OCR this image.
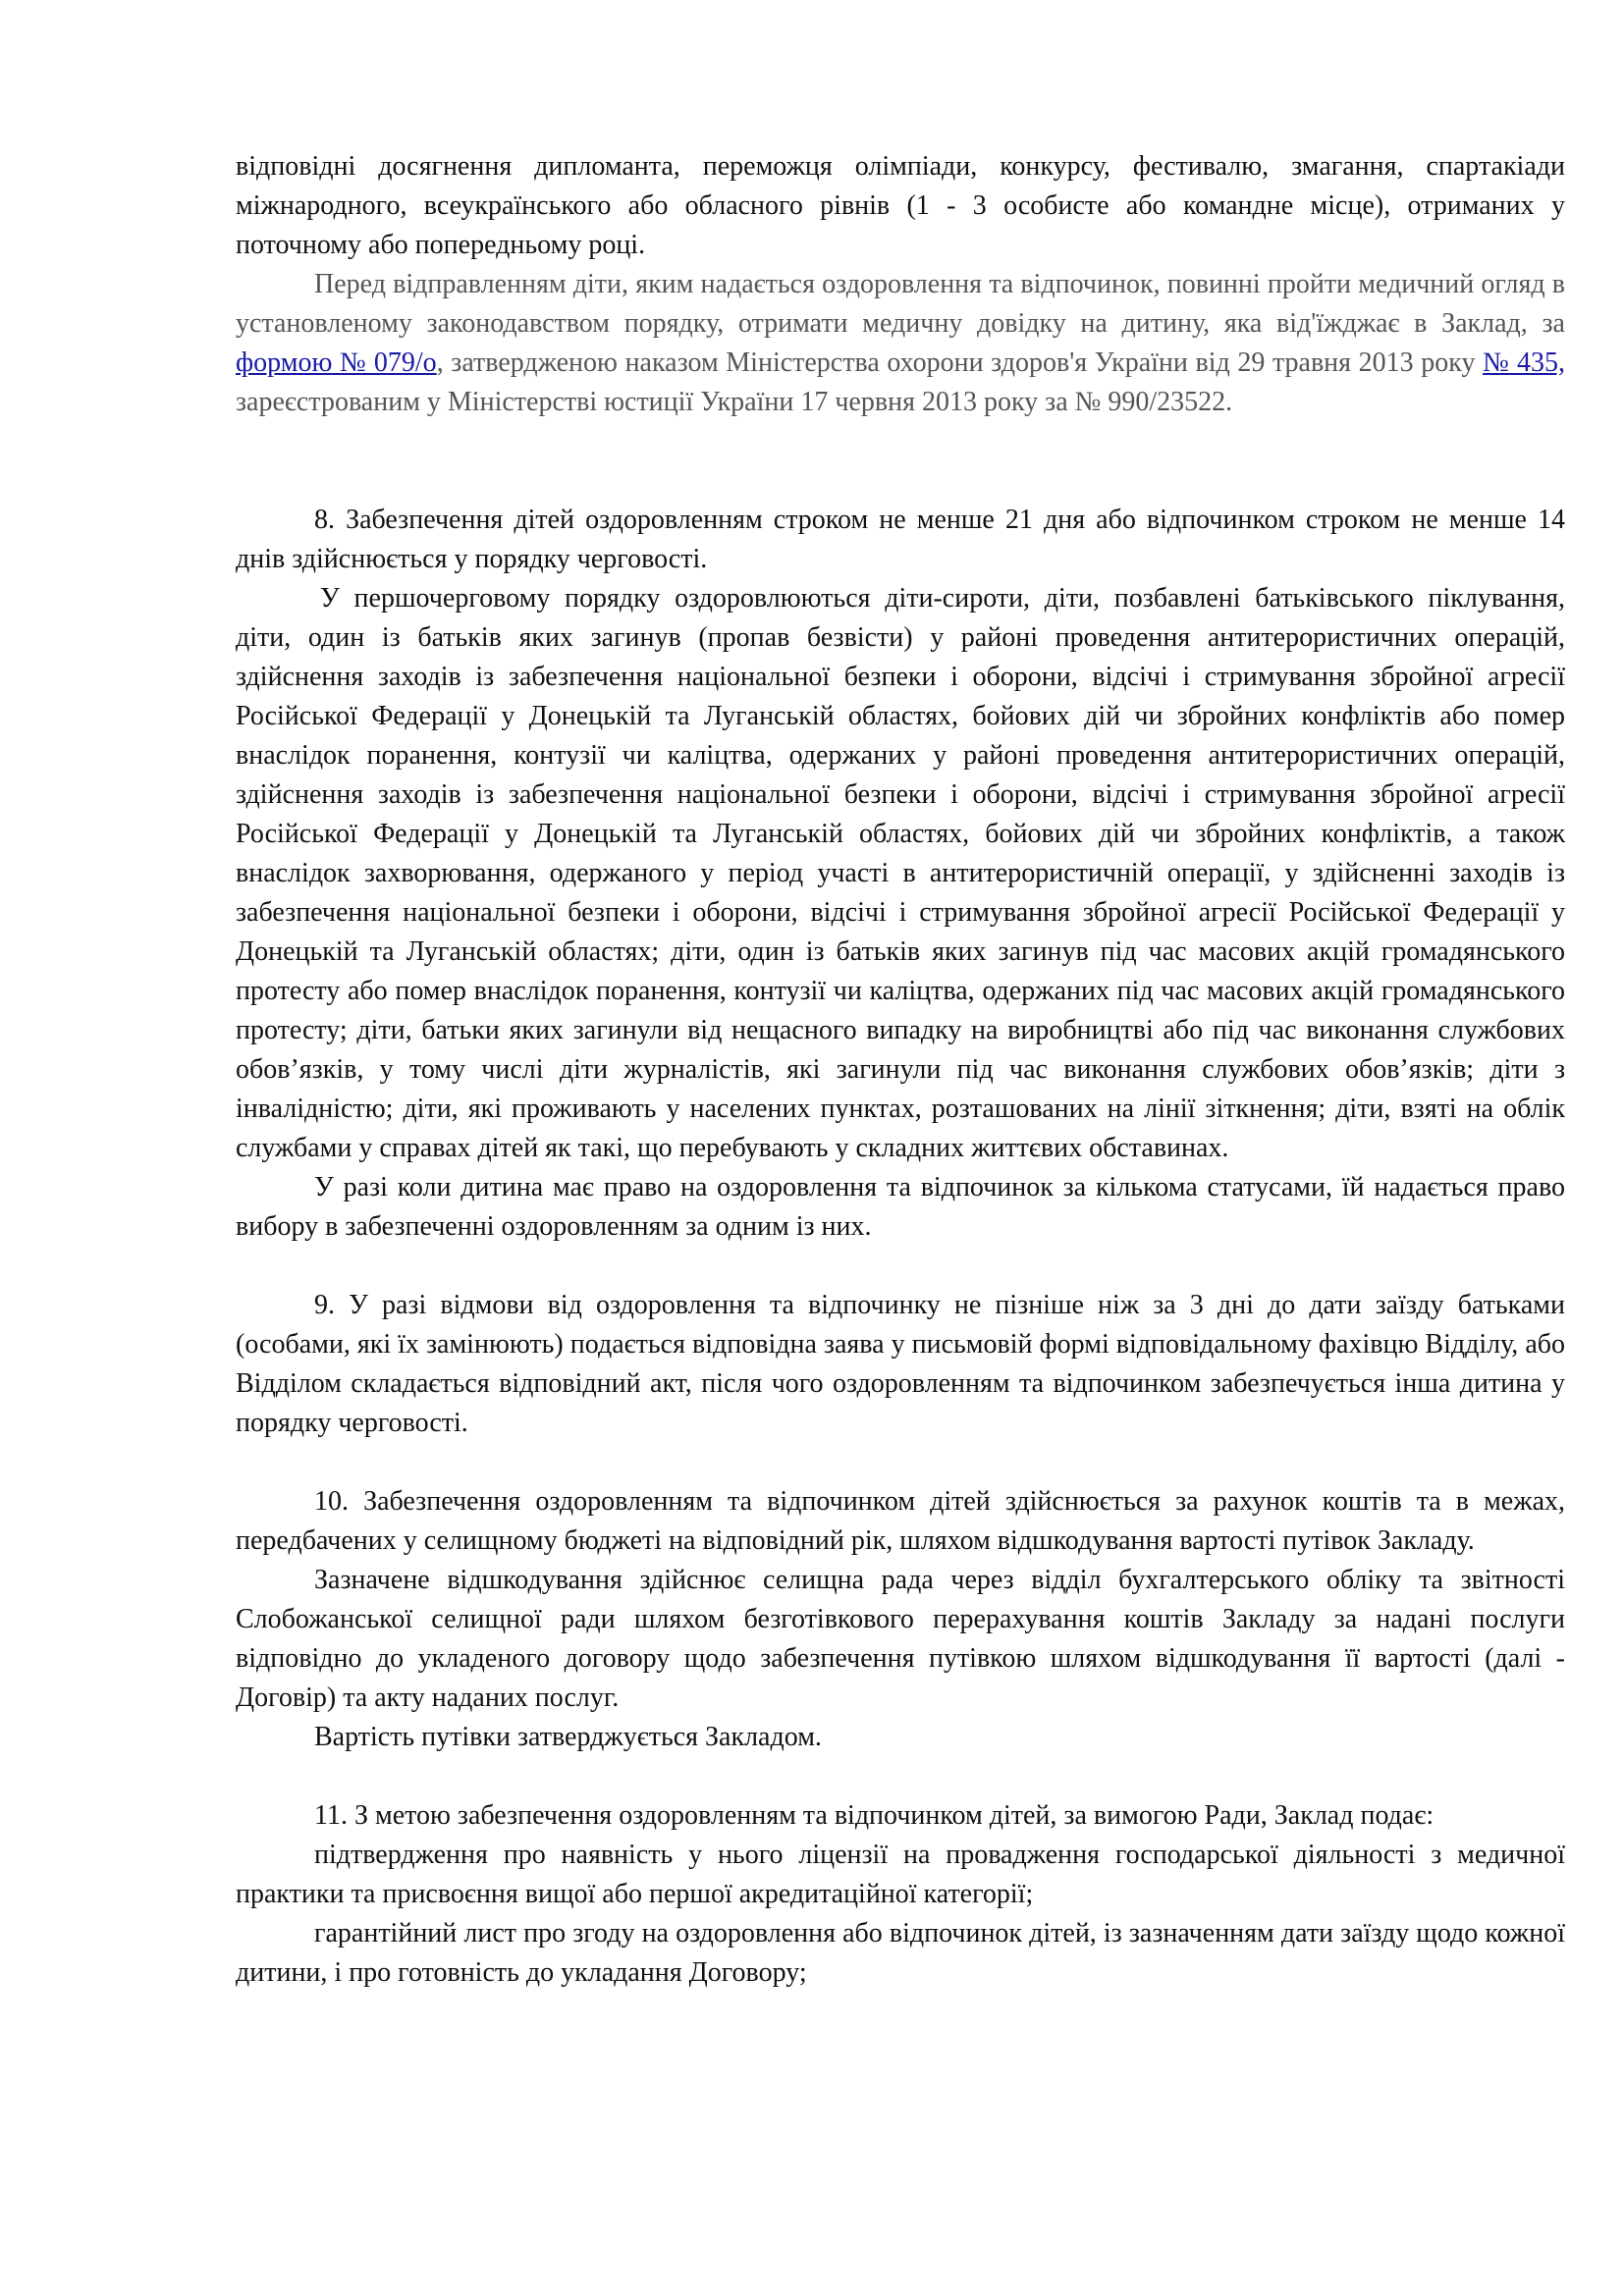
відповідні досягнення дипломанта, переможця олімпіади, конкурсу, фестивалю, змагання, спартакіади міжнародного, всеукраїнського або обласного рівнів (1 - 3 особисте або командне місце), отриманих у поточному або попередньому році.

Перед відправленням діти, яким надається оздоровлення та відпочинок, повинні пройти медичний огляд в установленому законодавством порядку, отримати медичну довідку на дитину, яка від'їжджає в Заклад, за формою № 079/о, затвердженою наказом Міністерства охорони здоров'я України від 29 травня 2013 року № 435, зареєстрованим у Міністерстві юстиції України 17 червня 2013 року за № 990/23522.

8. Забезпечення дітей оздоровленням строком не менше 21 дня або відпочинком строком не менше 14 днів здійснюється у порядку черговості.

У першочерговому порядку оздоровлюються діти-сироти, діти, позбавлені батьківського піклування, діти, один із батьків яких загинув (пропав безвісти) у районі проведення антитерористичних операцій, здійснення заходів із забезпечення національної безпеки і оборони, відсічі і стримування збройної агресії Російської Федерації у Донецькій та Луганській областях, бойових дій чи збройних конфліктів або помер внаслідок поранення, контузії чи каліцтва, одержаних у районі проведення антитерористичних операцій, здійснення заходів із забезпечення національної безпеки і оборони, відсічі і стримування збройної агресії Російської Федерації у Донецькій та Луганській областях, бойових дій чи збройних конфліктів, а також внаслідок захворювання, одержаного у період участі в антитерористичній операції, у здійсненні заходів із забезпечення національної безпеки і оборони, відсічі і стримування збройної агресії Російської Федерації у Донецькій та Луганській областях; діти, один із батьків яких загинув під час масових акцій громадянського протесту або помер внаслідок поранення, контузії чи каліцтва, одержаних під час масових акцій громадянського протесту; діти, батьки яких загинули від нещасного випадку на виробництві або під час виконання службових обов’язків, у тому числі діти журналістів, які загинули під час виконання службових обов’язків; діти з інвалідністю; діти, які проживають у населених пунктах, розташованих на лінії зіткнення; діти, взяті на облік службами у справах дітей як такі, що перебувають у складних життєвих обставинах.

У разі коли дитина має право на оздоровлення та відпочинок за кількома статусами, їй надається право вибору в забезпеченні оздоровленням за одним із них.

9. У разі відмови від оздоровлення та відпочинку не пізніше ніж за 3 дні до дати заїзду батьками (особами, які їх замінюють) подається відповідна заява у письмовій формі відповідальному фахівцю Відділу, або Відділом складається відповідний акт, після чого оздоровленням та відпочинком забезпечується інша дитина у порядку черговості.

10. Забезпечення оздоровленням та відпочинком дітей здійснюється за рахунок коштів та в межах, передбачених у селищному бюджеті на відповідний рік, шляхом відшкодування вартості путівок Закладу.

Зазначене відшкодування здійснює селищна рада через відділ бухгалтерського обліку та звітності Слобожанської селищної ради шляхом безготівкового перерахування коштів Закладу за надані послуги відповідно до укладеного договору щодо забезпечення путівкою шляхом відшкодування її вартості (далі - Договір) та акту наданих послуг.

Вартість путівки затверджується Закладом.

11. З метою забезпечення оздоровленням та відпочинком дітей, за вимогою Ради, Заклад подає:

підтвердження про наявність у нього ліцензії на провадження господарської діяльності з медичної практики та присвоєння вищої або першої акредитаційної категорії;

гарантійний лист про згоду на оздоровлення або відпочинок дітей, із зазначенням дати заїзду щодо кожної дитини, і про готовність до укладання Договору;
